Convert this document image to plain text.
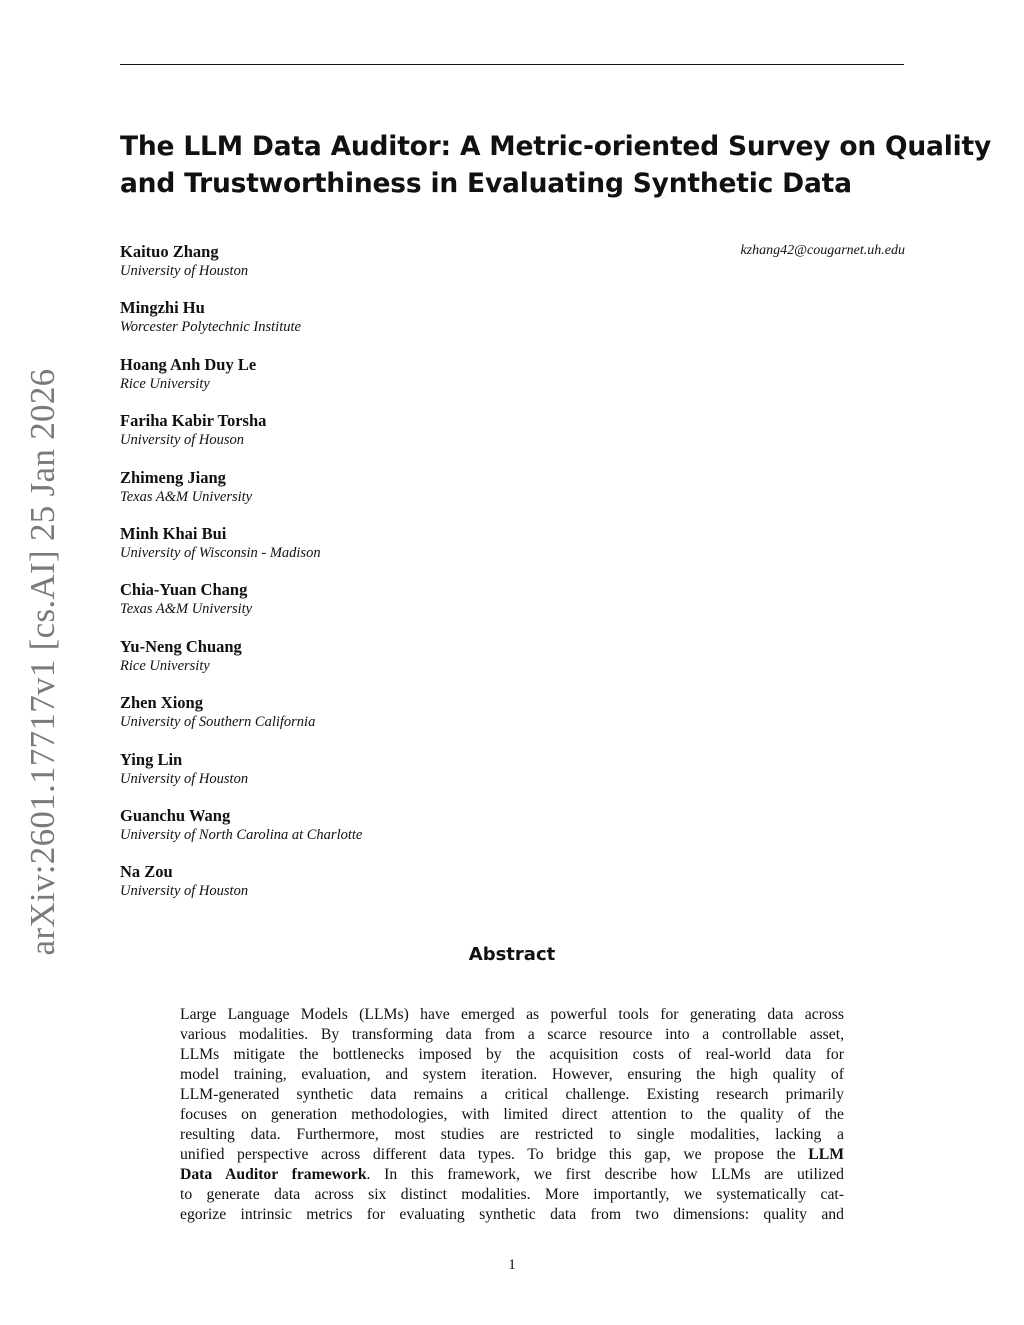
The LLM Data Auditor: A Metric-oriented Survey on Quality
and Trustworthiness in Evaluating Synthetic Data
kzhang42@cougarnet.uh.edu
Kaituo Zhang
University of Houston
Mingzhi Hu
Worcester Polytechnic Institute
Hoang Anh Duy Le
Rice University
Fariha Kabir Torsha
University of Houson
Zhimeng Jiang
Texas A&M University
Minh Khai Bui
University of Wisconsin - Madison
Chia-Yuan Chang
Texas A&M University
Yu-Neng Chuang
Rice University
Zhen Xiong
University of Southern California
Ying Lin
University of Houston
Guanchu Wang
University of North Carolina at Charlotte
Na Zou
University of Houston
arXiv:2601.17717v1 [cs.AI] 25 Jan 2026	Abstract
Large Language Models (LLMs) have emerged as powerful tools for generating data across
various modalities. By transforming data from a scarce resource into a controllable asset,
LLMs mitigate the bottlenecks imposed by the acquisition costs of real-world data for
model training, evaluation, and system iteration. However, ensuring the high quality of
LLM-generated synthetic data remains a critical challenge. Existing research primarily
focuses on generation methodologies, with limited direct attention to the quality of the
resulting data. Furthermore, most studies are restricted to single modalities, lacking a
unified perspective across different data types. To bridge this gap, we propose the LLM
Data Auditor framework. In this framework, we first describe how LLMs are utilized
to generate data across six distinct modalities. More importantly, we systematically cat-
egorize intrinsic metrics for evaluating synthetic data from two dimensions: quality and
1
